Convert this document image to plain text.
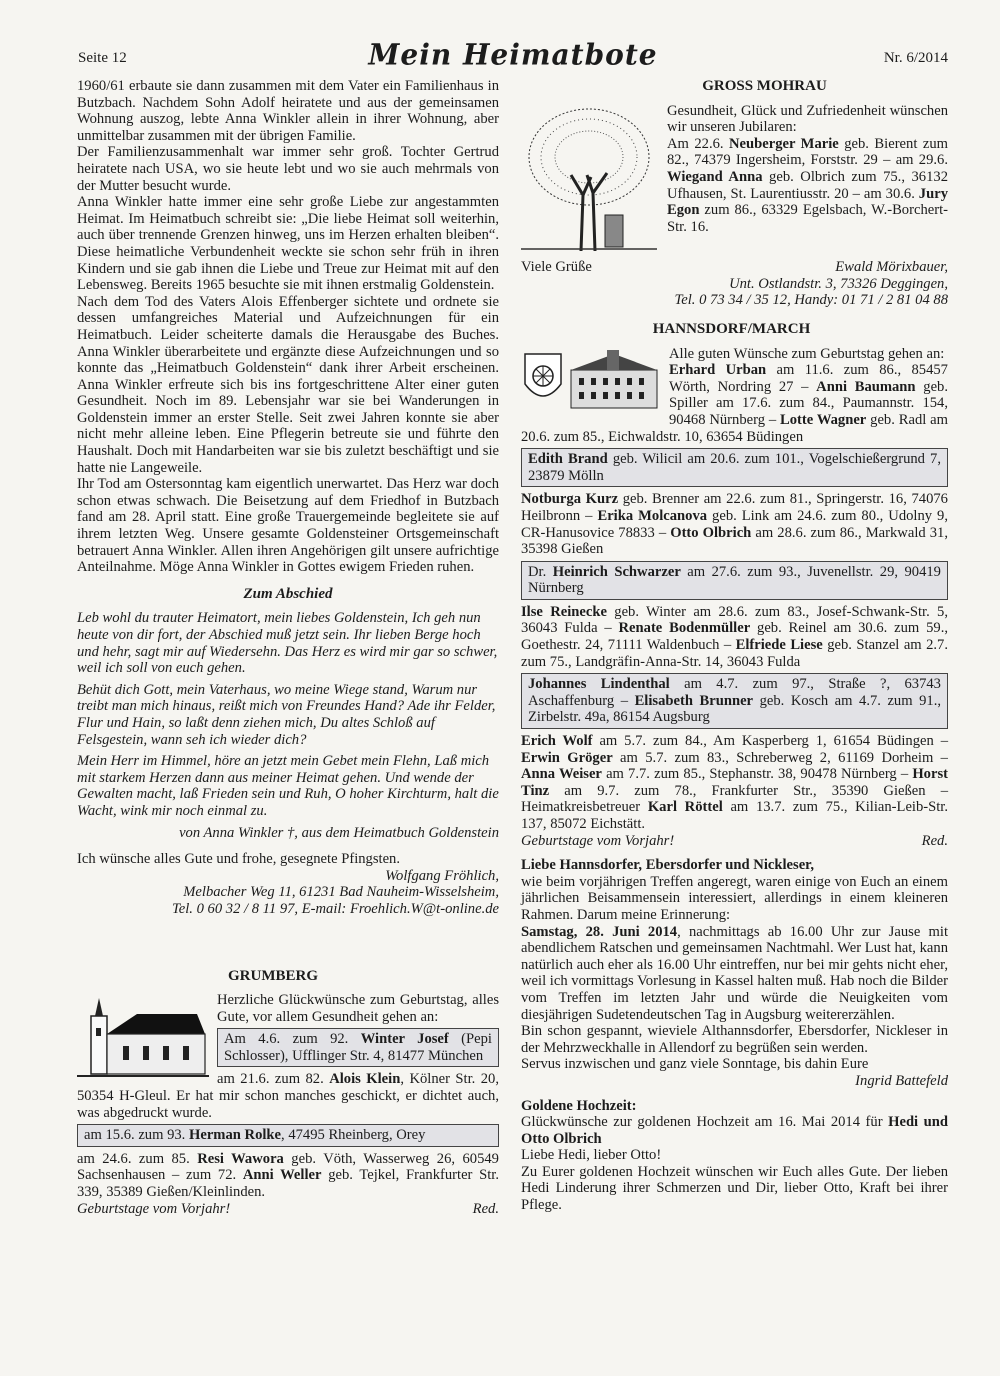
Seite 12	Mein Heimatbote	Nr. 6/2014

1960/61 erbaute sie dann zusammen mit dem Vater ein Familienhaus in Butzbach. Nachdem Sohn Adolf heiratete und aus der gemeinsamen Wohnung auszog, lebte Anna Winkler allein in ihrer Wohnung, aber unmittelbar zusammen mit der übrigen Familie.

Der Familienzusammenhalt war immer sehr groß. Tochter Gertrud heiratete nach USA, wo sie heute lebt und wo sie auch mehrmals von der Mutter besucht wurde.

Anna Winkler hatte immer eine sehr große Liebe zur angestammten Heimat. Im Heimatbuch schreibt sie: „Die liebe Heimat soll weiterhin, auch über trennende Grenzen hinweg, uns im Herzen erhalten bleiben“. Diese heimatliche Verbundenheit weckte sie schon sehr früh in ihren Kindern und sie gab ihnen die Liebe und Treue zur Heimat mit auf den Lebensweg. Bereits 1965 besuchte sie mit ihnen erstmalig Goldenstein.

Nach dem Tod des Vaters Alois Effenberger sichtete und ordnete sie dessen umfangreiches Material und Aufzeichnungen für ein Heimatbuch. Leider scheiterte damals die Herausgabe des Buches. Anna Winkler überarbeitete und ergänzte diese Aufzeichnungen und so konnte das „Heimatbuch Goldenstein“ dank ihrer Arbeit erscheinen. Anna Winkler erfreute sich bis ins fortgeschrittene Alter einer guten Gesundheit. Noch im 89. Lebensjahr war sie bei Wanderungen in Goldenstein immer an erster Stelle. Seit zwei Jahren konnte sie aber nicht mehr alleine leben. Eine Pflegerin betreute sie und führte den Haushalt. Doch mit Handarbeiten war sie bis zuletzt beschäftigt und sie hatte nie Langeweile.

Ihr Tod am Ostersonntag kam eigentlich unerwartet. Das Herz war doch schon etwas schwach. Die Beisetzung auf dem Friedhof in Butzbach fand am 28. April statt. Eine große Trauergemeinde begleitete sie auf ihrem letzten Weg. Unsere gesamte Goldensteiner Ortsgemeinschaft betrauert Anna Winkler. Allen ihren Angehörigen gilt unsere aufrichtige Anteilnahme. Möge Anna Winkler in Gottes ewigem Frieden ruhen.

Zum Abschied

Leb wohl du trauter Heimatort, mein liebes Goldenstein, Ich geh nun heute von dir fort, der Abschied muß jetzt sein. Ihr lieben Berge hoch und hehr, sagt mir auf Wiedersehn. Das Herz es wird mir gar so schwer, weil ich soll von euch gehen.

Behüt dich Gott, mein Vaterhaus, wo meine Wiege stand, Warum nur treibt man mich hinaus, reißt mich von Freundes Hand? Ade ihr Felder, Flur und Hain, so laßt denn ziehen mich, Du altes Schloß auf Felsgestein, wann seh ich wieder dich?

Mein Herr im Himmel, höre an jetzt mein Gebet mein Flehn, Laß mich mit starkem Herzen dann aus meiner Heimat gehen. Und wende der Gewalten macht, laß Frieden sein und Ruh, O hoher Kirchturm, halt die Wacht, wink mir noch einmal zu.

von Anna Winkler †, aus dem Heimatbuch Goldenstein

Ich wünsche alles Gute und frohe, gesegnete Pfingsten.

Wolfgang Fröhlich,

Melbacher Weg 11, 61231 Bad Nauheim-Wisselsheim,

Tel. 0 60 32 / 8 11 97, E-mail: Froehlich.W@t-online.de

GRUMBERG

Herzliche Glückwünsche zum Geburtstag, alles Gute, vor allem Gesundheit gehen an:

Am 4.6. zum 92. Winter Josef (Pepi Schlosser), Ufflinger Str. 4, 81477 München

am 21.6. zum 82. Alois Klein, Kölner Str. 20, 50354 H-Gleul. Er hat mir schon manches geschickt, er dichtet auch, was abgedruckt wurde.

am 15.6. zum 93. Herman Rolke, 47495 Rheinberg, Orey

am 24.6. zum 85. Resi Wawora geb. Vöth, Wasserweg 26, 60549 Sachsenhausen – zum 72. Anni Weller geb. Tejkel, Frankfurter Str. 339, 35389 Gießen/Kleinlinden.

Geburtstage vom Vorjahr!	Red.
GROSS MOHRAU

Gesundheit, Glück und Zufriedenheit wünschen wir unseren Jubilaren:

Am 22.6. Neuberger Marie geb. Bierent zum 82., 74379 Ingersheim, Forststr. 29 – am 29.6. Wiegand Anna geb. Olbrich zum 75., 36132 Ufhausen, St. Laurentiusstr. 20 – am 30.6. Jury Egon zum 86., 63329 Egelsbach, W.-Borchert-Str. 16.

Viele Grüße	Ewald Mörixbauer,

Unt. Ostlandstr. 3, 73326 Deggingen,

Tel. 0 73 34 / 35 12, Handy: 01 71 / 2 81 04 88

HANNSDORF/MARCH

Alle guten Wünsche zum Geburtstag gehen an:

Erhard Urban am 11.6. zum 86., 85457 Wörth, Nordring 27 – Anni Baumann geb. Spiller am 17.6. zum 84., Paumannstr. 154, 90468 Nürnberg – Lotte Wagner geb. Radl am 20.6. zum 85., Eichwaldstr. 10, 63654 Büdingen

Edith Brand geb. Wilicil am 20.6. zum 101., Vogelschießergrund 7, 23879 Mölln

Notburga Kurz geb. Brenner am 22.6. zum 81., Springerstr. 16, 74076 Heilbronn – Erika Molcanova geb. Link am 24.6. zum 80., Udolny 9, CR-Hanusovice 78833 – Otto Olbrich am 28.6. zum 86., Markwald 31, 35398 Gießen

Dr. Heinrich Schwarzer am 27.6. zum 93., Juvenellstr. 29, 90419 Nürnberg

Ilse Reinecke geb. Winter am 28.6. zum 83., Josef-Schwank-Str. 5, 36043 Fulda – Renate Bodenmüller geb. Reinel am 30.6. zum 59., Goethestr. 24, 71111 Waldenbuch – Elfriede Liese geb. Stanzel am 2.7. zum 75., Landgräfin-Anna-Str. 14, 36043 Fulda

Johannes Lindenthal am 4.7. zum 97., Straße ?, 63743 Aschaffenburg – Elisabeth Brunner geb. Kosch am 4.7. zum 91., Zirbelstr. 49a, 86154 Augsburg

Erich Wolf am 5.7. zum 84., Am Kasperberg 1, 61654 Büdingen – Erwin Gröger am 5.7. zum 83., Schreberweg 2, 61169 Dorheim – Anna Weiser am 7.7. zum 85., Stephanstr. 38, 90478 Nürnberg – Horst Tinz am 9.7. zum 78., Frankfurter Str., 35390 Gießen – Heimatkreisbetreuer Karl Röttel am 13.7. zum 75., Kilian-Leib-Str. 137, 85072 Eichstätt.

Geburtstage vom Vorjahr!	Red.

Liebe Hannsdorfer, Ebersdorfer und Nickleser,

wie beim vorjährigen Treffen angeregt, waren einige von Euch an einem jährlichen Beisammensein interessiert, allerdings in einem kleineren Rahmen. Darum meine Erinnerung:

Samstag, 28. Juni 2014, nachmittags ab 16.00 Uhr zur Jause mit abendlichem Ratschen und gemeinsamen Nachtmahl. Wer Lust hat, kann natürlich auch eher als 16.00 Uhr eintreffen, nur bei mir gehts nicht eher, weil ich vormittags Vorlesung in Kassel halten muß. Hab noch die Bilder vom Treffen im letzten Jahr und würde die Neuigkeiten vom diesjährigen Sudetendeutschen Tag in Augsburg weitererzählen.

Bin schon gespannt, wieviele Althannsdorfer, Ebersdorfer, Nickleser in der Mehrzweckhalle in Allendorf zu begrüßen sein werden.

Servus inzwischen und ganz viele Sonntage, bis dahin Eure

Ingrid Battefeld

Goldene Hochzeit:

Glückwünsche zur goldenen Hochzeit am 16. Mai 2014 für Hedi und Otto Olbrich

Liebe Hedi, lieber Otto!

Zu Eurer goldenen Hochzeit wünschen wir Euch alles Gute. Der lieben Hedi Linderung ihrer Schmerzen und Dir, lieber Otto, Kraft bei ihrer Pflege.
